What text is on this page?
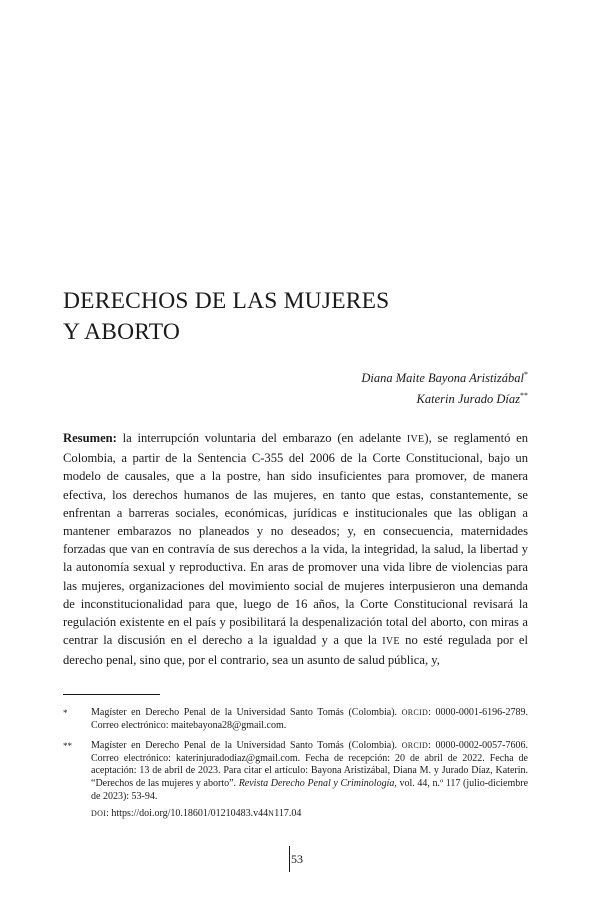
DERECHOS DE LAS MUJERES
Y ABORTO
Diana Maite Bayona Aristizábal*
Katerin Jurado Díaz**

Resumen: la interrupción voluntaria del embarazo (en adelante IVE), se reglamentó en Colombia, a partir de la Sentencia C-355 del 2006 de la Corte Constitucional, bajo un modelo de causales, que a la postre, han sido insuficientes para promover, de manera efectiva, los derechos humanos de las mujeres, en tanto que estas, constantemente, se enfrentan a barreras sociales, económicas, jurídicas e institucionales que las obligan a mantener embarazos no planeados y no deseados; y, en consecuencia, maternidades forzadas que van en contravía de sus derechos a la vida, la integridad, la salud, la libertad y la autonomía sexual y reproductiva. En aras de promover una vida libre de violencias para las mujeres, organizaciones del movimiento social de mujeres interpusieron una demanda de inconstitucionalidad para que, luego de 16 años, la Corte Constitucional revisará la regulación existente en el país y posibilitará la despenalización total del aborto, con miras a centrar la discusión en el derecho a la igualdad y a que la IVE no esté regulada por el derecho penal, sino que, por el contrario, sea un asunto de salud pública, y,

* Magíster en Derecho Penal de la Universidad Santo Tomás (Colombia). ORCID: 0000-0001-6196-2789. Correo electrónico: maitebayona28@gmail.com.
** Magíster en Derecho Penal de la Universidad Santo Tomás (Colombia). ORCID: 0000-0002-0057-7606. Correo electrónico: katerinjuradodiaz@gmail.com. Fecha de recepción: 20 de abril de 2022. Fecha de aceptación: 13 de abril de 2023. Para citar el artículo: Bayona Aristizábal, Diana M. y Jurado Díaz, Katerin. “Derechos de las mujeres y aborto”. Revista Derecho Penal y Criminología, vol. 44, n.º 117 (julio-diciembre de 2023): 53-94.
DOI: https://doi.org/10.18601/01210483.v44N117.04
53
